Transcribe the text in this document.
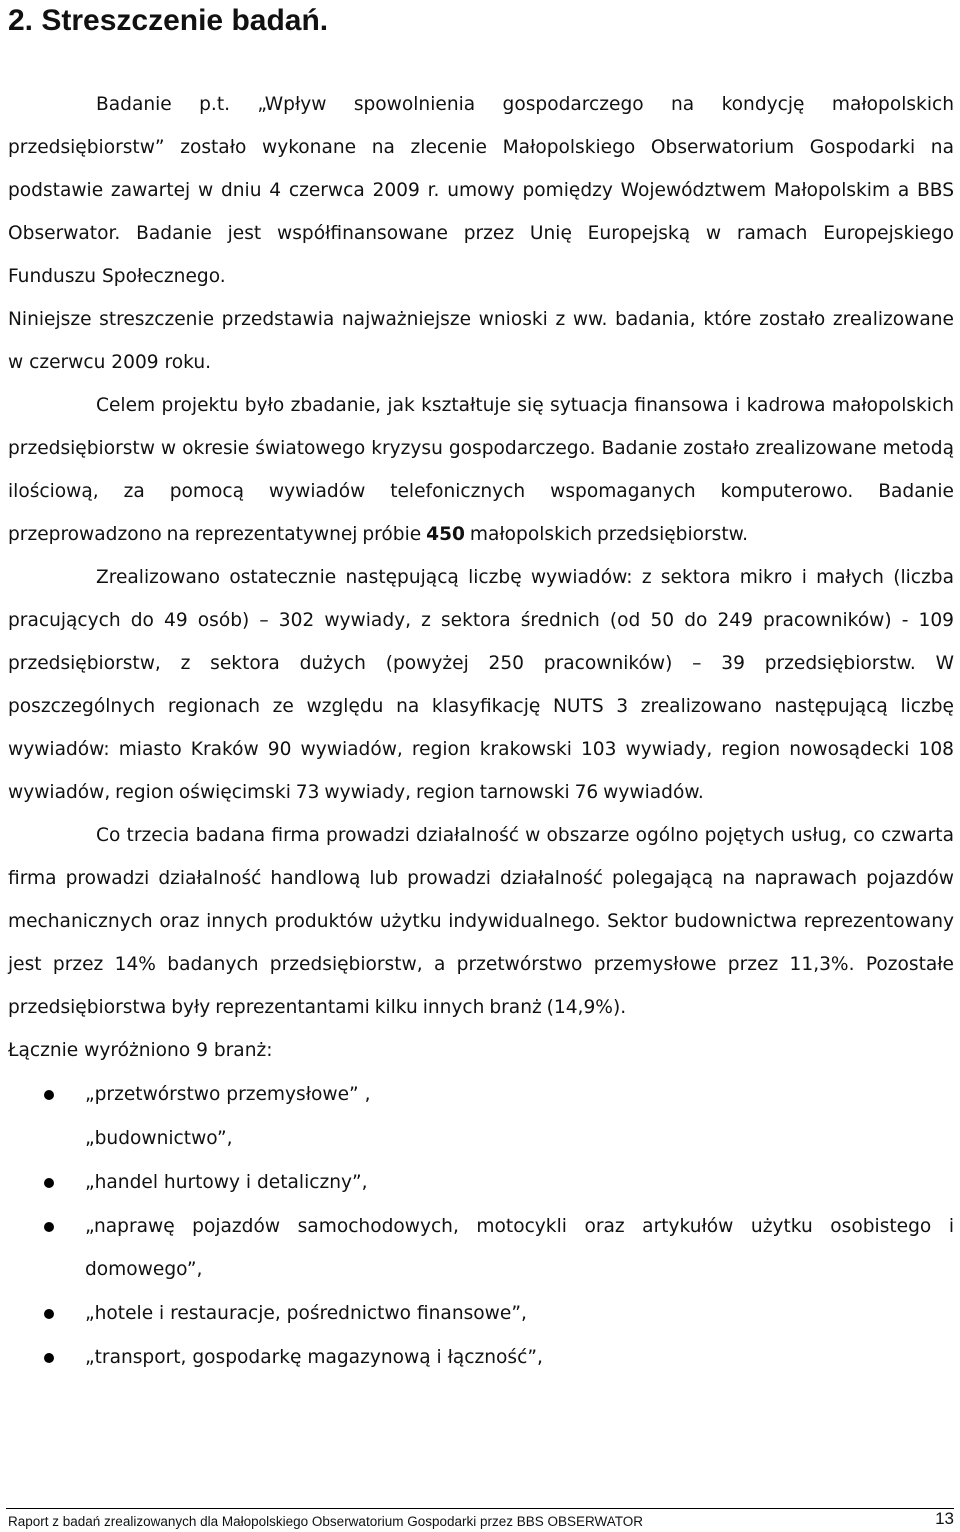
2. Streszczenie badań.

Badanie p.t. „Wpływ spowolnienia gospodarczego na kondycję małopolskich przedsiębiorstw” zostało wykonane na zlecenie Małopolskiego Obserwatorium Gospodarki na podstawie zawartej w dniu 4 czerwca 2009 r. umowy pomiędzy Województwem Małopolskim a BBS Obserwator. Badanie jest współfinansowane przez Unię Europejską w ramach Europejskiego Funduszu Społecznego.

Niniejsze streszczenie przedstawia najważniejsze wnioski z ww. badania, które zostało zrealizowane w czerwcu 2009 roku.

Celem projektu było zbadanie, jak kształtuje się sytuacja finansowa i kadrowa małopolskich przedsiębiorstw w okresie światowego kryzysu gospodarczego. Badanie zostało zrealizowane metodą ilościową, za pomocą wywiadów telefonicznych wspomaganych komputerowo. Badanie przeprowadzono na reprezentatywnej próbie 450 małopolskich przedsiębiorstw.

Zrealizowano ostatecznie następującą liczbę wywiadów: z sektora mikro i małych (liczba pracujących do 49 osób) – 302 wywiady, z sektora średnich (od 50 do 249 pracowników) - 109 przedsiębiorstw, z sektora dużych (powyżej 250 pracowników) – 39 przedsiębiorstw. W poszczególnych regionach ze względu na klasyfikację NUTS 3 zrealizowano następującą liczbę wywiadów: miasto Kraków 90 wywiadów, region krakowski 103 wywiady, region nowosądecki 108 wywiadów, region oświęcimski 73 wywiady, region tarnowski 76 wywiadów.

Co trzecia badana firma prowadzi działalność w obszarze ogólno pojętych usług, co czwarta firma prowadzi działalność handlową lub prowadzi działalność polegającą na naprawach pojazdów mechanicznych oraz innych produktów użytku indywidualnego. Sektor budownictwa reprezentowany jest przez 14% badanych przedsiębiorstw, a przetwórstwo przemysłowe przez 11,3%. Pozostałe przedsiębiorstwa były reprezentantami kilku innych branż (14,9%).

Łącznie wyróżniono 9 branż:

„przetwórstwo przemysłowe” ,
„budownictwo”,
„handel hurtowy i detaliczny”,
„naprawę pojazdów samochodowych, motocykli oraz artykułów użytku osobistego i domowego”,
„hotele i restauracje, pośrednictwo finansowe”,
„transport, gospodarkę magazynową i łączność”,
Raport z badań zrealizowanych dla Małopolskiego Obserwatorium Gospodarki przez BBS OBSERWATOR	13
